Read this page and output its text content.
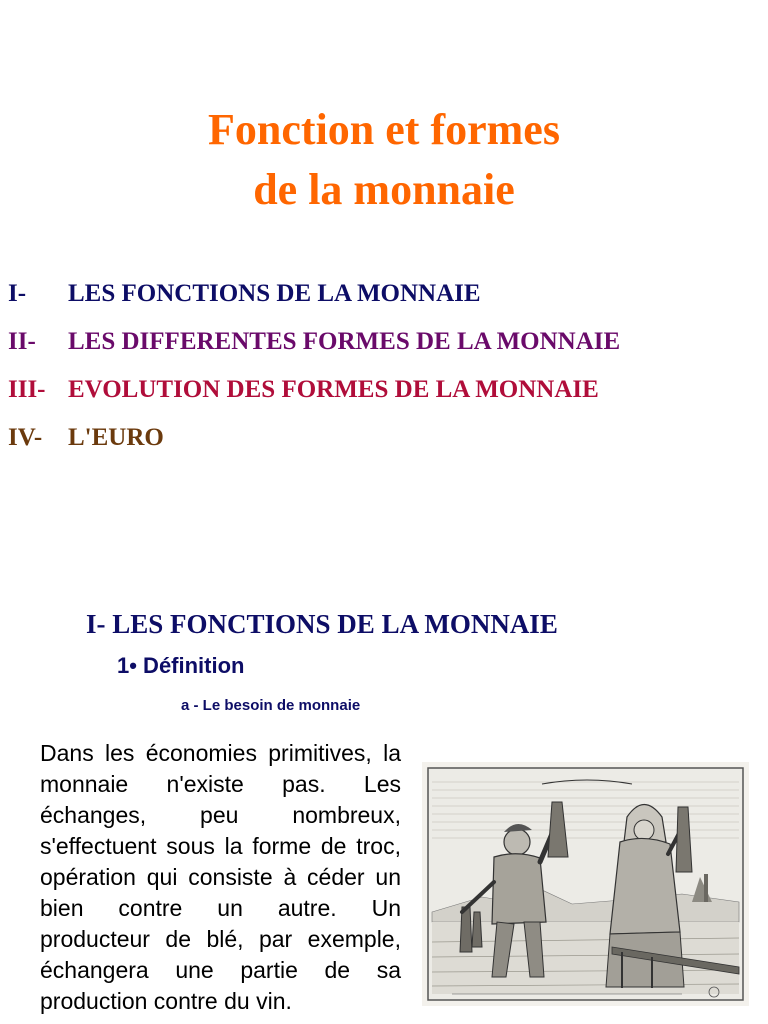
Fonction et formes
de la monnaie
I- LES FONCTIONS DE LA MONNAIE
II- LES DIFFERENTES FORMES DE LA MONNAIE
III- EVOLUTION DES FORMES DE LA MONNAIE
IV- L'EURO
I- LES FONCTIONS DE LA MONNAIE
1• Définition
a - Le besoin de monnaie
Dans les économies primitives, la monnaie n'existe pas. Les échanges, peu nombreux, s'effectuent sous la forme de troc, opération qui consiste à céder un bien contre un autre. Un producteur de blé, par exemple, échangera une partie de sa production contre du vin.
